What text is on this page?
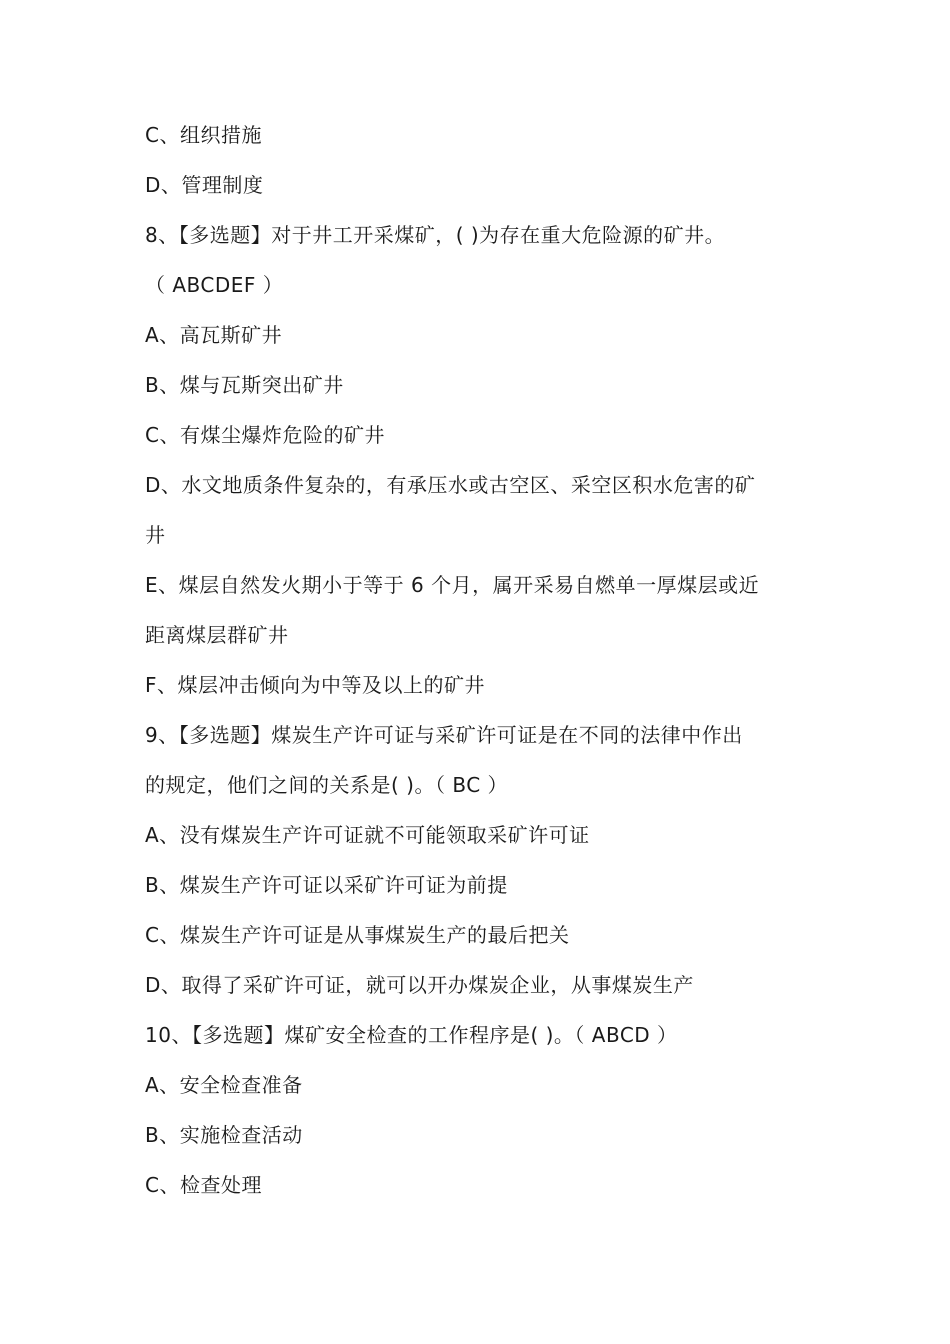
C、组织措施
D、管理制度
8、【多选题】对于井工开采煤矿，( )为存在重大危险源的矿井。
（ ABCDEF ）
A、高瓦斯矿井
B、煤与瓦斯突出矿井
C、有煤尘爆炸危险的矿井
D、水文地质条件复杂的，有承压水或古空区、采空区积水危害的矿
井
E、煤层自然发火期小于等于 6 个月，属开采易自燃单一厚煤层或近
距离煤层群矿井
F、煤层冲击倾向为中等及以上的矿井
9、【多选题】煤炭生产许可证与采矿许可证是在不同的法律中作出
的规定，他们之间的关系是( )。（ BC ）
A、没有煤炭生产许可证就不可能领取采矿许可证
B、煤炭生产许可证以采矿许可证为前提
C、煤炭生产许可证是从事煤炭生产的最后把关
D、取得了采矿许可证，就可以开办煤炭企业，从事煤炭生产
10、【多选题】煤矿安全检查的工作程序是( )。（ ABCD ）
A、安全检查准备
B、实施检查活动
C、检查处理
